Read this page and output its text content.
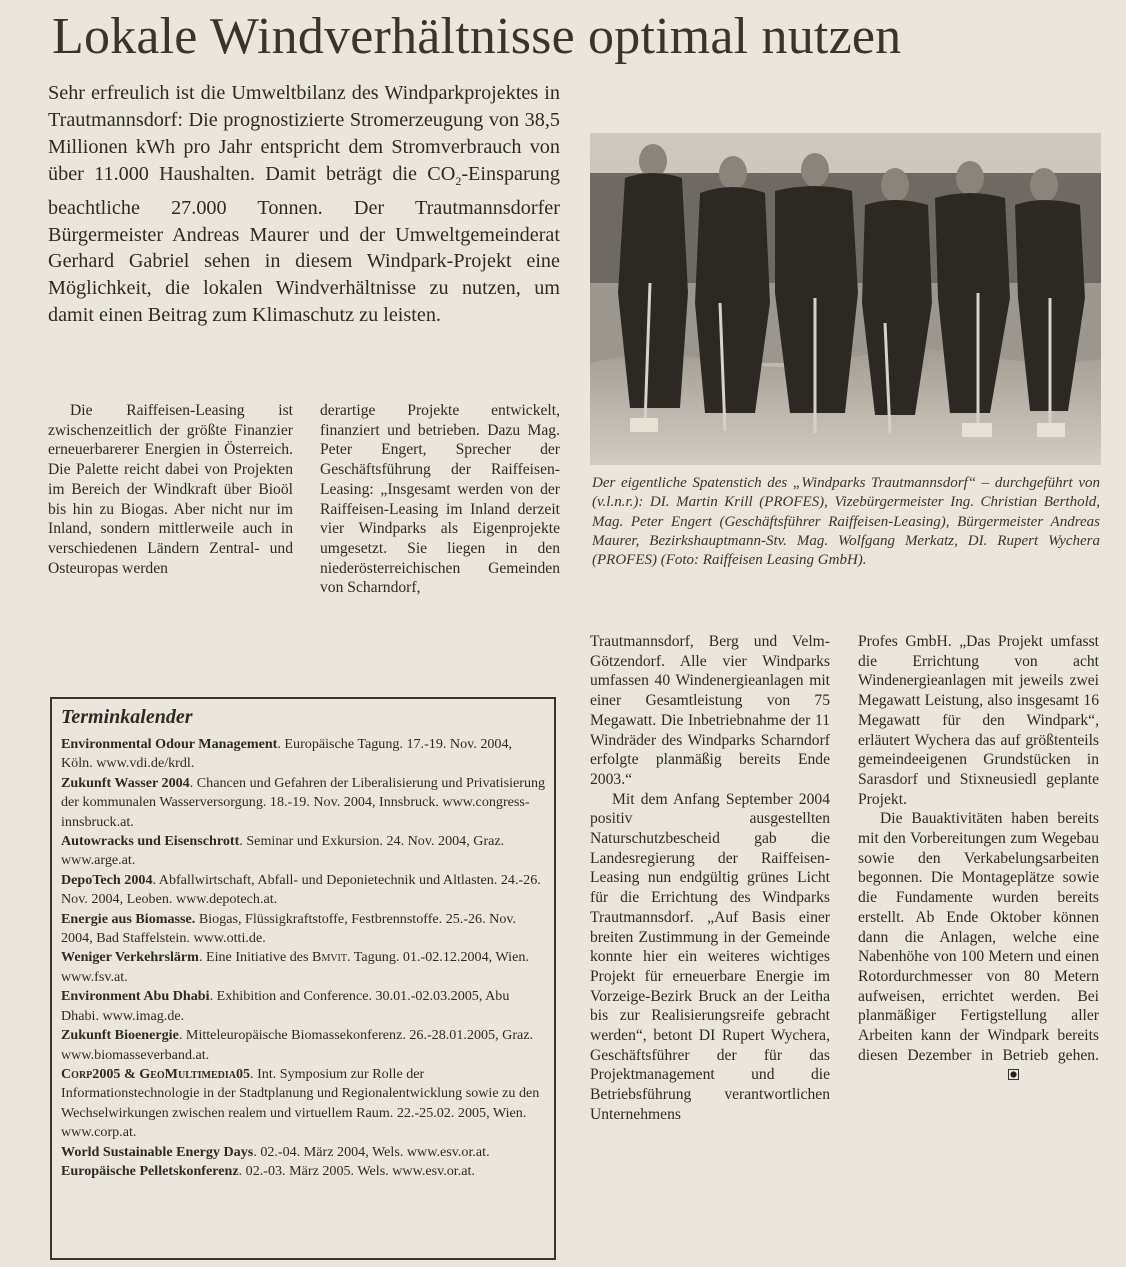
Lokale Windverhältnisse optimal nutzen

Sehr erfreulich ist die Umweltbilanz des Windparkprojektes in Trautmannsdorf: Die prognostizierte Stromerzeugung von 38,5 Millionen kWh pro Jahr entspricht dem Stromverbrauch von über 11.000 Haushalten. Damit beträgt die $CO_2$-Einsparung beachtliche 27.000 Tonnen. Der Trautmannsdorfer Bürgermeister Andreas Maurer und der Umweltgemeinderat Gerhard Gabriel sehen in diesem Windpark-Projekt eine Möglichkeit, die lokalen Windverhältnisse zu nutzen, um damit einen Beitrag zum Klimaschutz zu leisten.

Die Raiffeisen-Leasing ist zwischenzeitlich der größte Finanzier erneuerbarerer Energien in Österreich. Die Palette reicht dabei von Projekten im Bereich der Windkraft über Bioöl bis hin zu Biogas. Aber nicht nur im Inland, sondern mittlerweile auch in verschiedenen Ländern Zentral- und Osteuropas werden

derartige Projekte entwickelt, finanziert und betrieben. Dazu Mag. Peter Engert, Sprecher der Geschäftsführung der Raiffeisen-Leasing: „Insgesamt werden von der Raiffeisen-Leasing im Inland derzeit vier Windparks als Eigenprojekte umgesetzt. Sie liegen in den niederösterreichischen Gemeinden von Scharndorf,

Der eigentliche Spatenstich des „Windparks Trautmannsdorf“ – durchgeführt von (v.l.n.r.): DI. Martin Krill (PROFES), Vizebürgermeister Ing. Christian Berthold, Mag. Peter Engert (Geschäftsführer Raiffeisen-Leasing), Bürgermeister Andreas Maurer, Bezirkshauptmann-Stv. Mag. Wolfgang Merkatz, DI. Rupert Wychera (PROFES) (Foto: Raiffeisen Leasing GmbH).

Trautmannsdorf, Berg und Velm-Götzendorf. Alle vier Windparks umfassen 40 Windenergieanlagen mit einer Gesamtleistung von 75 Megawatt. Die Inbetriebnahme der 11 Windräder des Windparks Scharndorf erfolgte planmäßig bereits Ende 2003.“

Mit dem Anfang September 2004 positiv ausgestellten Naturschutzbescheid gab die Landesregierung der Raiffeisen-Leasing nun endgültig grünes Licht für die Errichtung des Windparks Trautmannsdorf. „Auf Basis einer breiten Zustimmung in der Gemeinde konnte hier ein weiteres wichtiges Projekt für erneuerbare Energie im Vorzeige-Bezirk Bruck an der Leitha bis zur Realisierungsreife gebracht werden“, betont DI Rupert Wychera, Geschäftsführer der für das Projektmanagement und die Betriebsführung verantwortlichen Unternehmens

Profes GmbH. „Das Projekt umfasst die Errichtung von acht Windenergieanlagen mit jeweils zwei Megawatt Leistung, also insgesamt 16 Megawatt für den Windpark“, erläutert Wychera das auf größtenteils gemeindeeigenen Grundstücken in Sarasdorf und Stixneusiedl geplante Projekt.

Die Bauaktivitäten haben bereits mit den Vorbereitungen zum Wegebau sowie den Verkabelungsarbeiten begonnen. Die Montageplätze sowie die Fundamente wurden bereits erstellt. Ab Ende Oktober können dann die Anlagen, welche eine Nabenhöhe von 100 Metern und einen Rotordurchmesser von 80 Metern aufweisen, errichtet werden. Bei planmäßiger Fertigstellung aller Arbeiten kann der Windpark bereits diesen Dezember in Betrieb gehen.

Terminkalender
Environmental Odour Management. Europäische Tagung. 17.-19. Nov. 2004, Köln. www.vdi.de/krdl.
Zukunft Wasser 2004. Chancen und Gefahren der Liberalisierung und Privatisierung der kommunalen Wasserversorgung. 18.-19. Nov. 2004, Innsbruck. www.congress-innsbruck.at.
Autowracks und Eisenschrott. Seminar und Exkursion. 24. Nov. 2004, Graz. www.arge.at.
DepoTech 2004. Abfallwirtschaft, Abfall- und Deponietechnik und Altlasten. 24.-26. Nov. 2004, Leoben. www.depotech.at.
Energie aus Biomasse. Biogas, Flüssigkraftstoffe, Festbrennstoffe. 25.-26. Nov. 2004, Bad Staffelstein. www.otti.de.
Weniger Verkehrslärm. Eine Initiative des Bmvit. Tagung. 01.-02.12.2004, Wien. www.fsv.at.
Environment Abu Dhabi. Exhibition and Conference. 30.01.-02.03.2005, Abu Dhabi. www.imag.de.
Zukunft Bioenergie. Mitteleuropäische Biomassekonferenz. 26.-28.01.2005, Graz. www.biomasseverband.at.
Corp2005 & GeoMultimedia05. Int. Symposium zur Rolle der Informationstechnologie in der Stadtplanung und Regionalentwicklung sowie zu den Wechselwirkungen zwischen realem und virtuellem Raum. 22.-25.02. 2005, Wien. www.corp.at.
World Sustainable Energy Days. 02.-04. März 2004, Wels. www.esv.or.at.
Europäische Pelletskonferenz. 02.-03. März 2005. Wels. www.esv.or.at.
